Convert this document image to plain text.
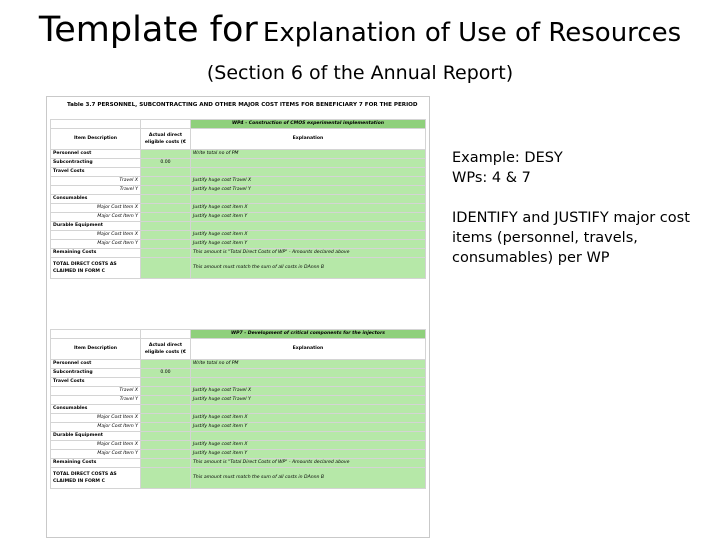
Template for Explanation of Use of Resources
(Section 6 of the Annual Report)
Table 3.7 PERSONNEL, SUBCONTRACTING AND OTHER MAJOR COST ITEMS FOR BENEFICIARY 7 FOR THE PERIOD
		WP4 - Construction of CMOS experimental implementation
Item Description	Actual direct eligible costs (€	Explanation
Personnel cost		Write total no of PM
Subcontracting	0.00	
Travel Costs		
Travel X		Justify huge cost Travel X
Travel Y		Justify huge cost Travel Y
Consumables		
Major Cost Item X		Justify huge cost item X
Major Cost Item Y		Justify huge cost item Y
Durable Equipment		
Major Cost Item X		Justify huge cost item X
Major Cost Item Y		Justify huge cost item Y
Remaining Costs		This amount is "Total Direct Costs of WP" - Amounts declared above
TOTAL DIRECT COSTS AS CLAIMED IN FORM C		This amount must match the sum of all costs in DAnnn B
		WP7 - Development of critical components for the injectors
Item Description	Actual direct eligible costs (€	Explanation
Personnel cost		Write total no of PM
Subcontracting	0.00	
Travel Costs		
Travel X		Justify huge cost Travel X
Travel Y		Justify huge cost Travel Y
Consumables		
Major Cost Item X		Justify huge cost item X
Major Cost Item Y		Justify huge cost item Y
Durable Equipment		
Major Cost Item X		Justify huge cost item X
Major Cost Item Y		Justify huge cost item Y
Remaining Costs		This amount is "Total Direct Costs of WP" - Amounts declared above
TOTAL DIRECT COSTS AS CLAIMED IN FORM C		This amount must match the sum of all costs in DAnnn B

Example: DESY
WPs: 4 & 7

IDENTIFY and JUSTIFY major cost items (personnel, travels, consumables) per WP
